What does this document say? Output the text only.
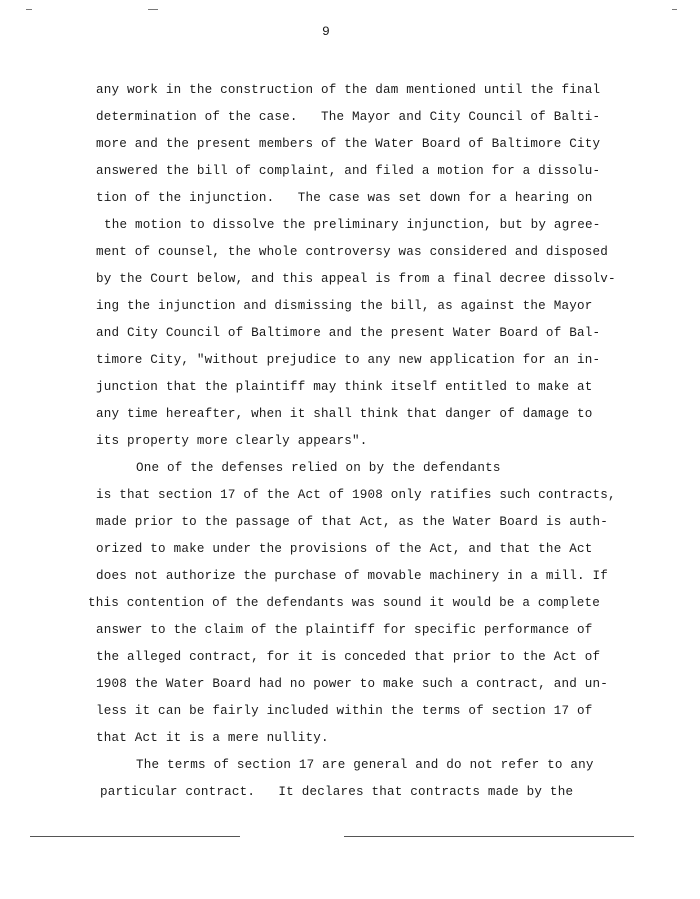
9
any work in the construction of the dam mentioned until the final
determination of the case.   The Mayor and City Council of Balti-
more and the present members of the Water Board of Baltimore City
answered the bill of complaint, and filed a motion for a dissolu-
tion of the injunction.   The case was set down for a hearing on
the motion to dissolve the preliminary injunction, but by agree-
ment of counsel, the whole controversy was considered and disposed
by the Court below, and this appeal is from a final decree dissolv-
ing the injunction and dismissing the bill, as against the Mayor
and City Council of Baltimore and the present Water Board of Bal-
timore City, "without prejudice to any new application for an in-
junction that the plaintiff may think itself entitled to make at
any time hereafter, when it shall think that danger of damage to
its property more clearly appears".
One of the defenses relied on by the defendants
is that section 17 of the Act of 1908 only ratifies such contracts,
made prior to the passage of that Act, as the Water Board is auth-
orized to make under the provisions of the Act, and that the Act
does not authorize the purchase of movable machinery in a mill. If
this contention of the defendants was sound it would be a complete
answer to the claim of the plaintiff for specific performance of
the alleged contract, for it is conceded that prior to the Act of
1908 the Water Board had no power to make such a contract, and un-
less it can be fairly included within the terms of section 17 of
that Act it is a mere nullity.
The terms of section 17 are general and do not refer to any
particular contract.   It declares that contracts made by the
